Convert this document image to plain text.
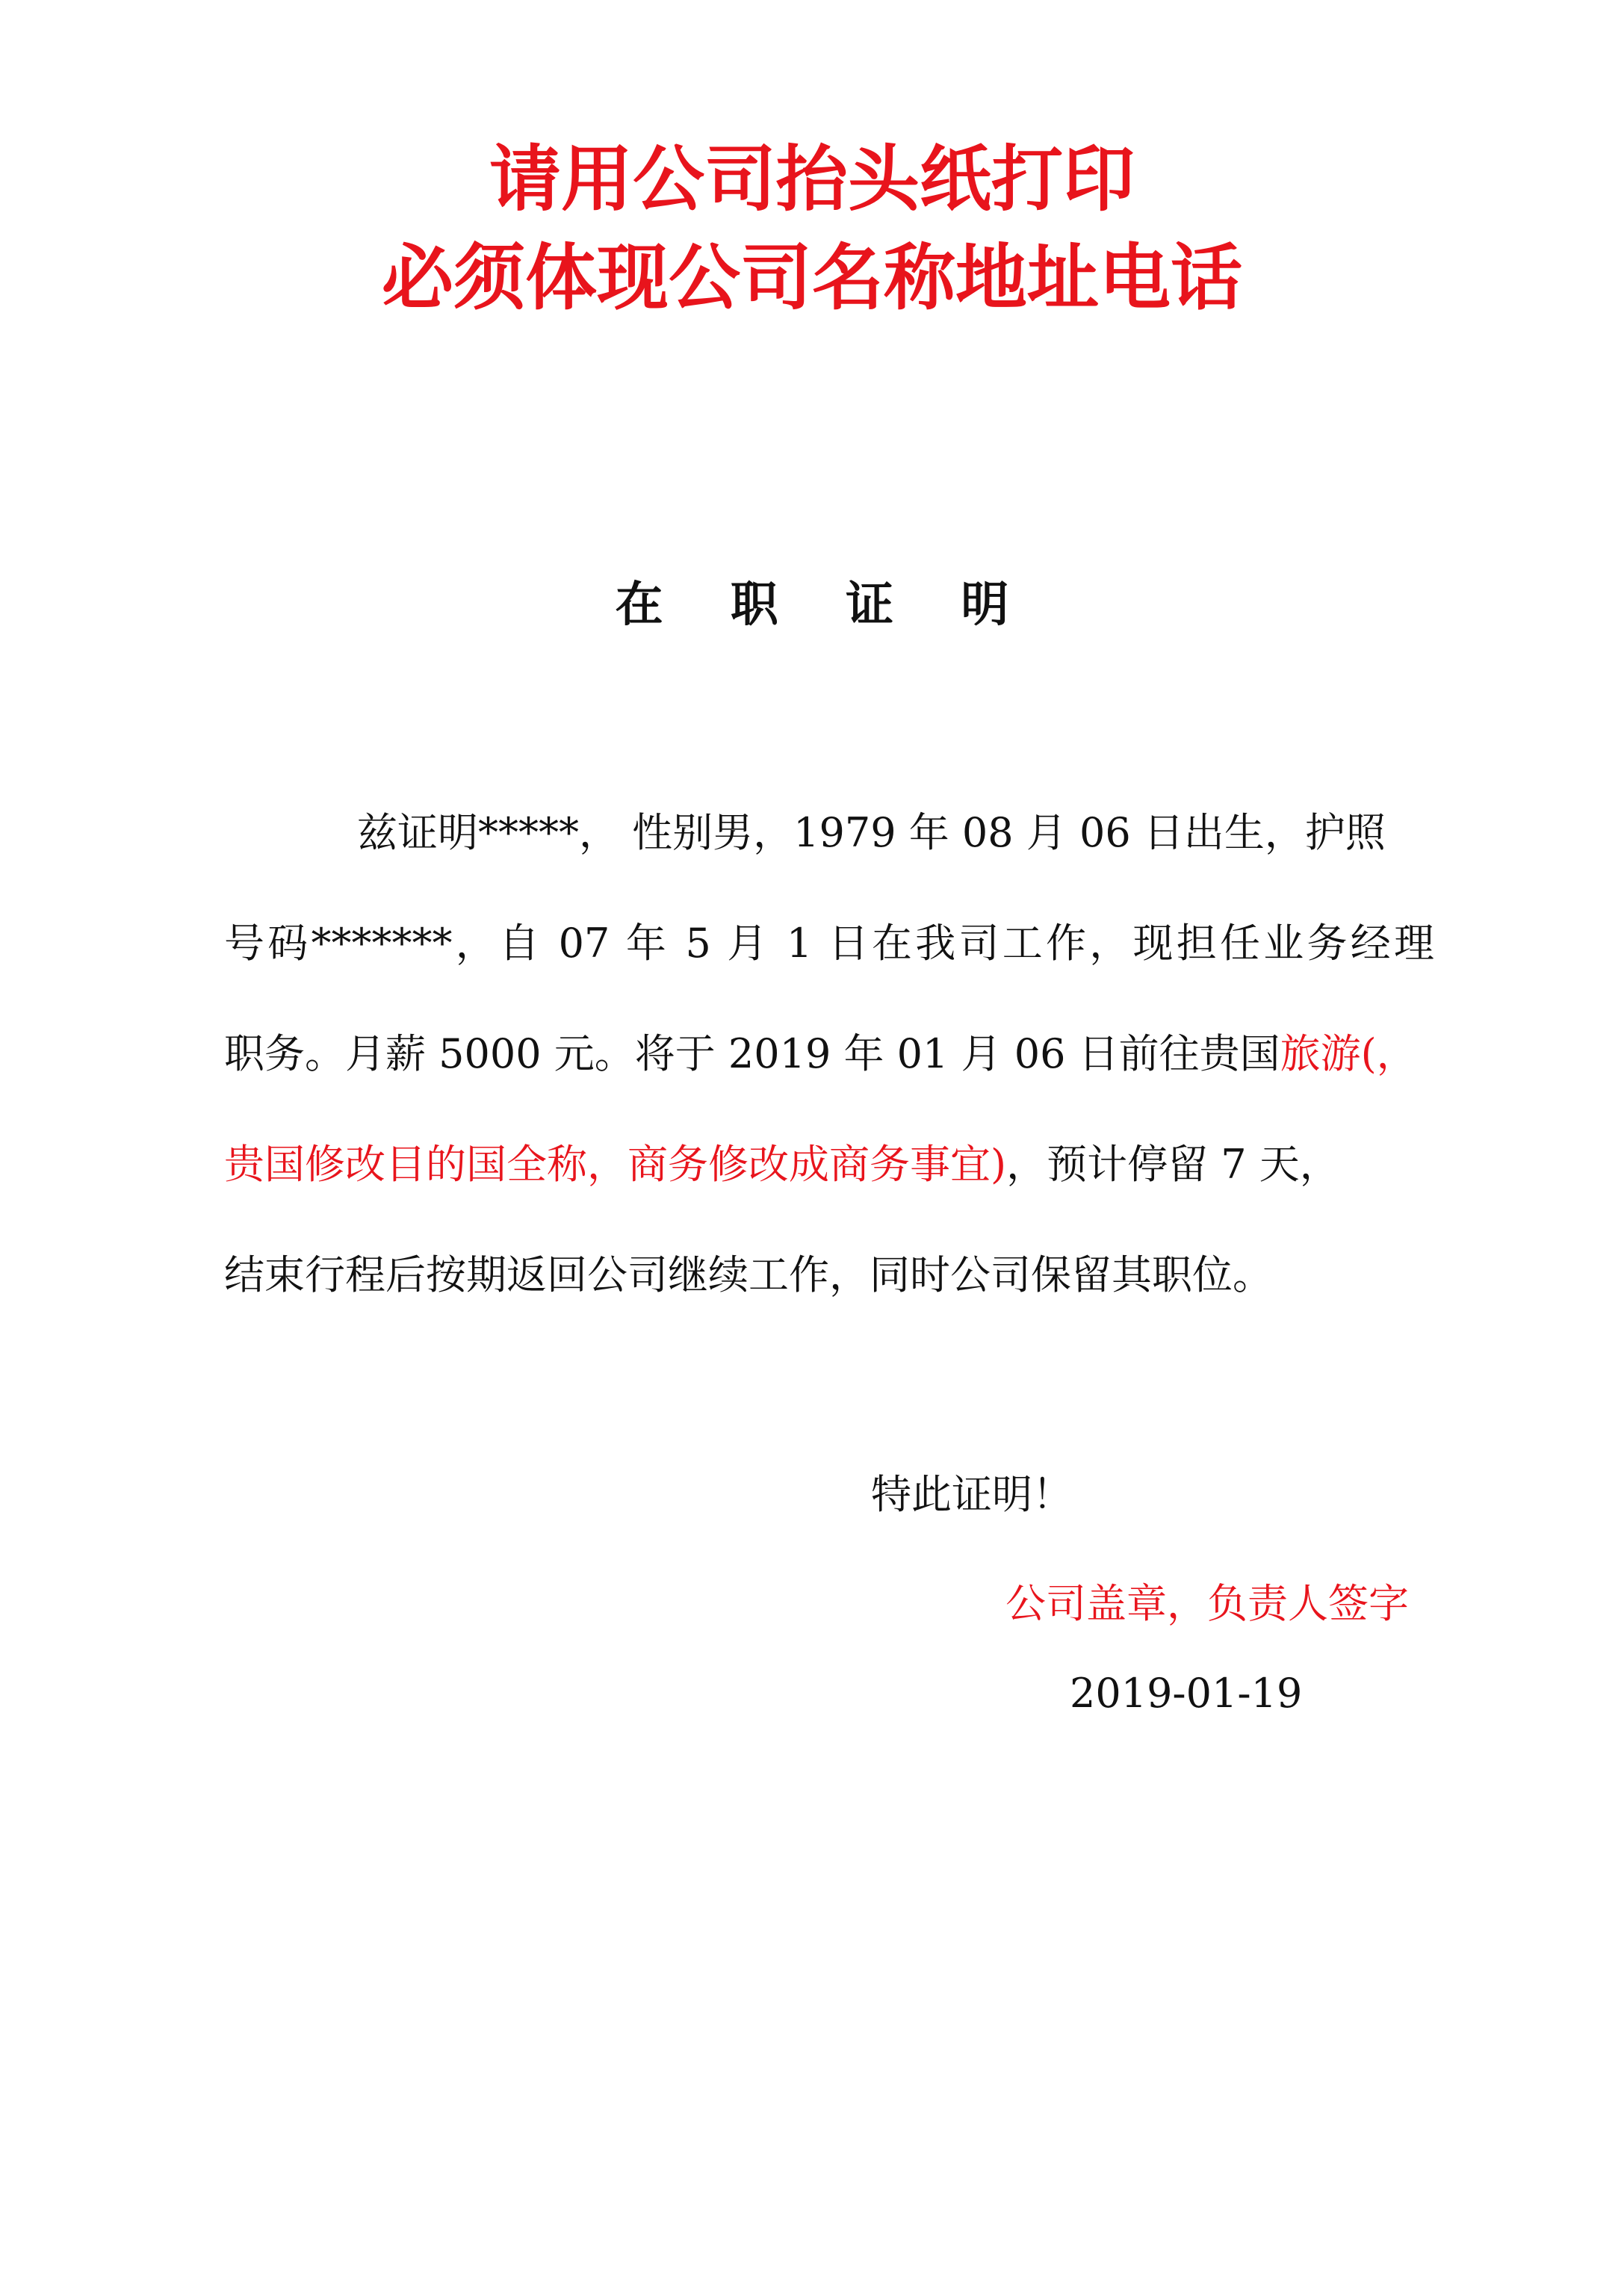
请用公司抬头纸打印
必须体现公司名称地址电话
在 职 证 明
兹证明*****， 性别男，1979 年 08 月 06 日出生，护照
号码*******，自 07 年 5 月 1 日在我司工作，现担任业务经理
职务。月薪 5000 元。将于 2019 年 01 月 06 日前往贵国旅游(，
贵国修改目的国全称，商务修改成商务事宜)，预计停留 7 天，
结束行程后按期返回公司继续工作，同时公司保留其职位。
特此证明！
公司盖章，负责人签字
2019-01-19
